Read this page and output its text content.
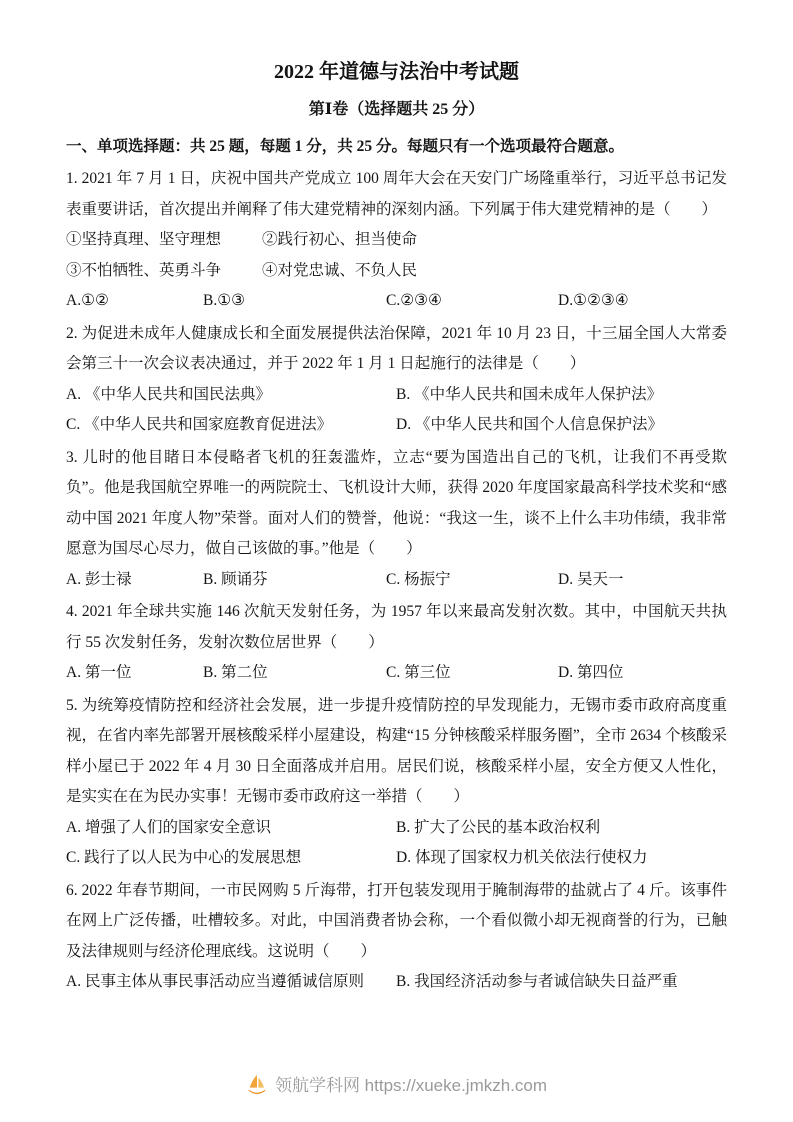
2022 年道德与法治中考试题
第Ⅰ卷（选择题共 25 分）
一、单项选择题：共 25 题，每题 1 分，共 25 分。每题只有一个选项最符合题意。

1. 2021 年 7 月 1 日，庆祝中国共产党成立 100 周年大会在天安门广场隆重举行，习近平总书记发表重要讲话，首次提出并阐释了伟大建党精神的深刻内涵。下列属于伟大建党精神的是（　　）

①坚持真理、坚守理想	②践行初心、担当使命
③不怕牺牲、英勇斗争	④对党忠诚、不负人民
A.①②	B.①③	C.②③④	D.①②③④

2. 为促进未成年人健康成长和全面发展提供法治保障，2021 年 10 月 23 日，十三届全国人大常委会第三十一次会议表决通过，并于 2022 年 1 月 1 日起施行的法律是（　　）

A. 《中华人民共和国民法典》	B. 《中华人民共和国未成年人保护法》
C. 《中华人民共和国家庭教育促进法》	D. 《中华人民共和国个人信息保护法》

3. 儿时的他目睹日本侵略者飞机的狂轰滥炸，立志“要为国造出自己的飞机，让我们不再受欺负”。他是我国航空界唯一的两院院士、飞机设计大师，获得 2020 年度国家最高科学技术奖和“感动中国 2021 年度人物”荣誉。面对人们的赞誉，他说：“我这一生，谈不上什么丰功伟绩，我非常愿意为国尽心尽力，做自己该做的事。”他是（　　）

A. 彭士禄	B. 顾诵芬	C. 杨振宁	D. 吴天一

4. 2021 年全球共实施 146 次航天发射任务，为 1957 年以来最高发射次数。其中，中国航天共执行 55 次发射任务，发射次数位居世界（　　）

A. 第一位	B. 第二位	C. 第三位	D. 第四位

5. 为统筹疫情防控和经济社会发展，进一步提升疫情防控的早发现能力，无锡市委市政府高度重视，在省内率先部署开展核酸采样小屋建设，构建“15 分钟核酸采样服务圈”，全市 2634 个核酸采样小屋已于 2022 年 4 月 30 日全面落成并启用。居民们说，核酸采样小屋，安全方便又人性化，是实实在在为民办实事！无锡市委市政府这一举措（　　）

A. 增强了人们的国家安全意识	B. 扩大了公民的基本政治权利
C. 践行了以人民为中心的发展思想	D. 体现了国家权力机关依法行使权力

6. 2022 年春节期间，一市民网购 5 斤海带，打开包装发现用于腌制海带的盐就占了 4 斤。该事件在网上广泛传播，吐槽较多。对此，中国消费者协会称，一个看似微小却无视商誉的行为，已触及法律规则与经济伦理底线。这说明（　　）

A. 民事主体从事民事活动应当遵循诚信原则	B. 我国经济活动参与者诚信缺失日益严重
领航学科网 https://xueke.jmkzh.com
